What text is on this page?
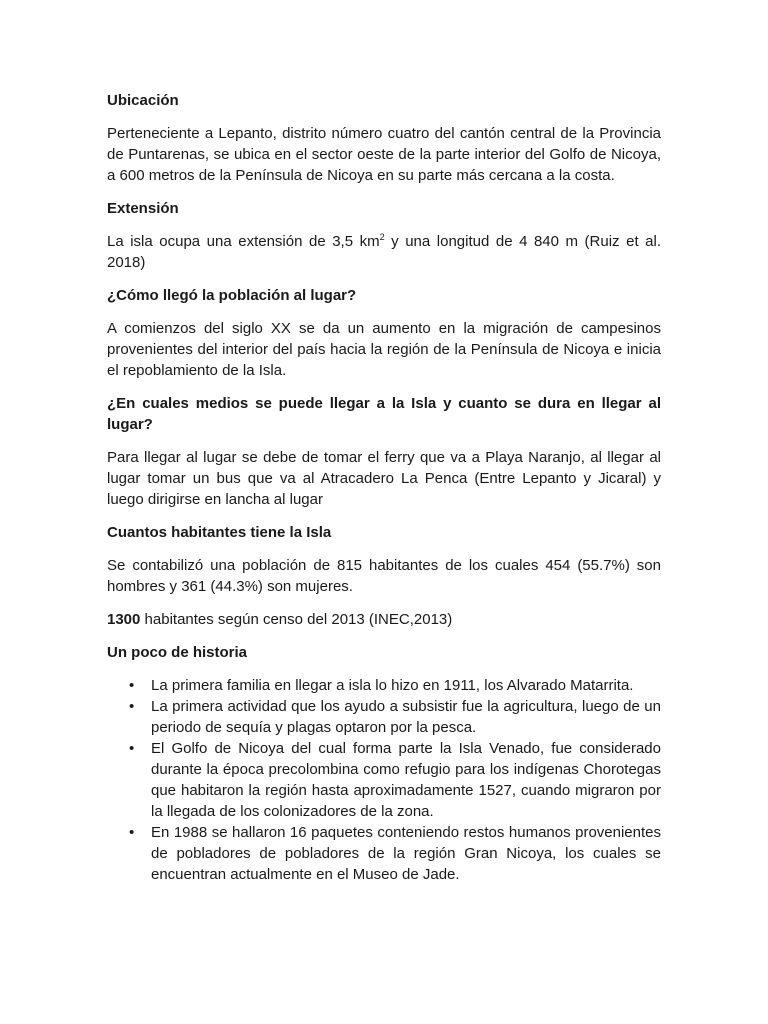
Ubicación

Perteneciente a Lepanto, distrito número cuatro del cantón central de la Provincia de Puntarenas, se ubica en el sector oeste de la parte interior del Golfo de Nicoya, a 600 metros de la Península de Nicoya en su parte más cercana a la costa.

Extensión

La isla ocupa una extensión de 3,5 $km^2$ y una longitud de 4 840 m (Ruiz et al. 2018)

¿Cómo llegó la población al lugar?

A comienzos del siglo XX se da un aumento en la migración de campesinos provenientes del interior del país hacia la región de la Península de Nicoya e inicia el repoblamiento de la Isla.

¿En cuales medios se puede llegar a la Isla y cuanto se dura en llegar al lugar?

Para llegar al lugar se debe de tomar el ferry que va a Playa Naranjo, al llegar al lugar tomar un bus que va al Atracadero La Penca (Entre Lepanto y Jicaral) y luego dirigirse en lancha al lugar

Cuantos habitantes tiene la Isla

Se contabilizó una población de 815 habitantes de los cuales 454 (55.7%) son hombres y 361 (44.3%) son mujeres.

1300 habitantes según censo del 2013 (INEC,2013)

Un poco de historia

• La primera familia en llegar a isla lo hizo en 1911, los Alvarado Matarrita.
• La primera actividad que los ayudo a subsistir fue la agricultura, luego de un periodo de sequía y plagas optaron por la pesca.
• El Golfo de Nicoya del cual forma parte la Isla Venado, fue considerado durante la época precolombina como refugio para los indígenas Chorotegas que habitaron la región hasta aproximadamente 1527, cuando migraron por la llegada de los colonizadores de la zona.
• En 1988 se hallaron 16 paquetes conteniendo restos humanos provenientes de pobladores de pobladores de la región Gran Nicoya, los cuales se encuentran actualmente en el Museo de Jade.
